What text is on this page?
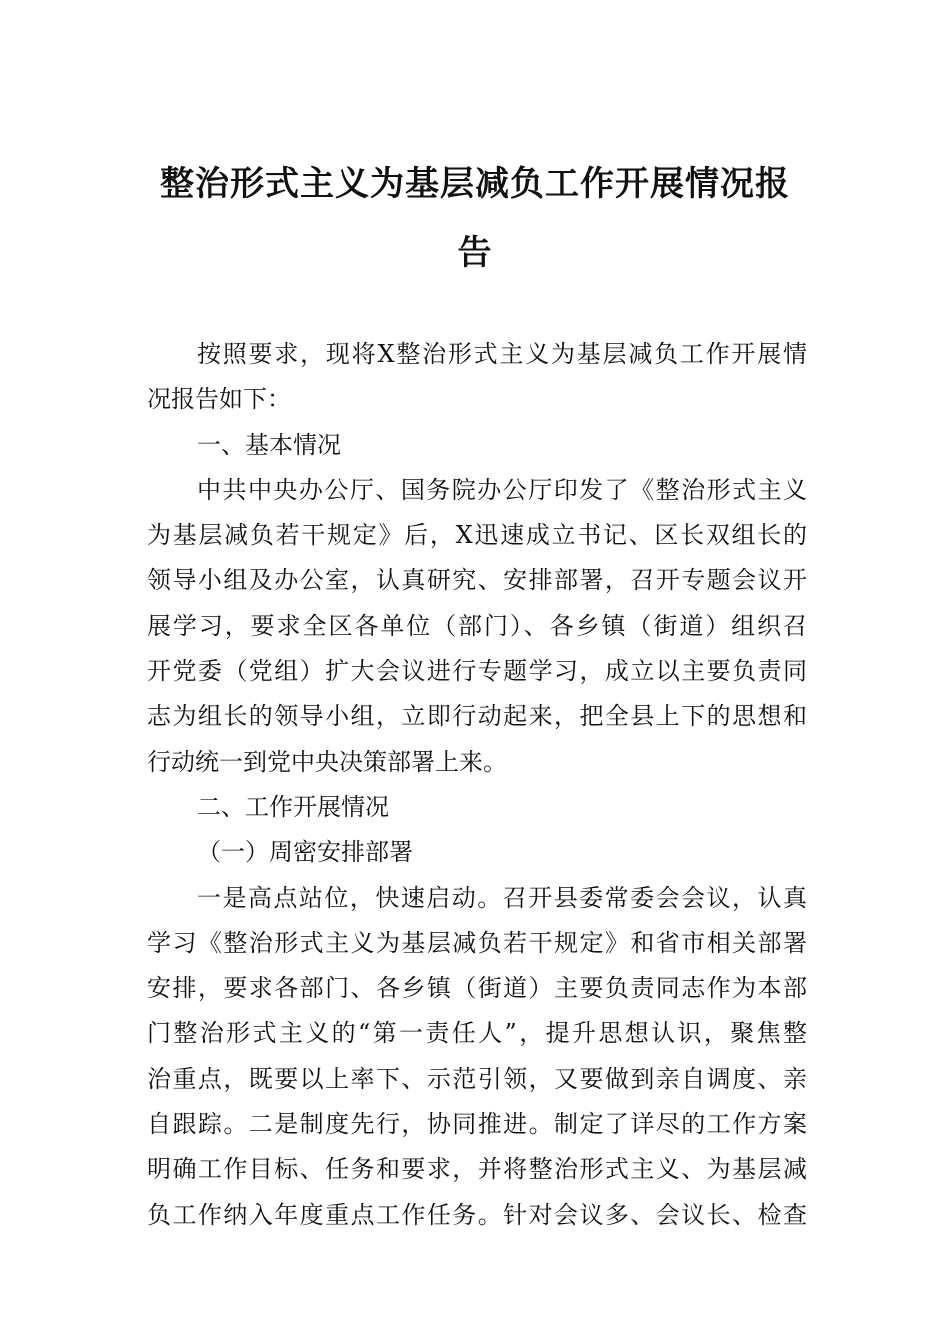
整治形式主义为基层减负工作开展情况报
告
按照要求，现将X整治形式主义为基层减负工作开展情
况报告如下：
一、基本情况
中共中央办公厅、国务院办公厅印发了《整治形式主义
为基层减负若干规定》后，X迅速成立书记、区长双组长的
领导小组及办公室，认真研究、安排部署，召开专题会议开
展学习，要求全区各单位（部门）、各乡镇（街道）组织召
开党委（党组）扩大会议进行专题学习，成立以主要负责同
志为组长的领导小组，立即行动起来，把全县上下的思想和
行动统一到党中央决策部署上来。
二、工作开展情况
（一）周密安排部署
一是高点站位，快速启动。召开县委常委会会议，认真
学习《整治形式主义为基层减负若干规定》和省市相关部署
安排，要求各部门、各乡镇（街道）主要负责同志作为本部
门整治形式主义的“第一责任人”，提升思想认识，聚焦整
治重点，既要以上率下、示范引领，又要做到亲自调度、亲
自跟踪。二是制度先行，协同推进。制定了详尽的工作方案
明确工作目标、任务和要求，并将整治形式主义、为基层减
负工作纳入年度重点工作任务。针对会议多、会议长、检查
